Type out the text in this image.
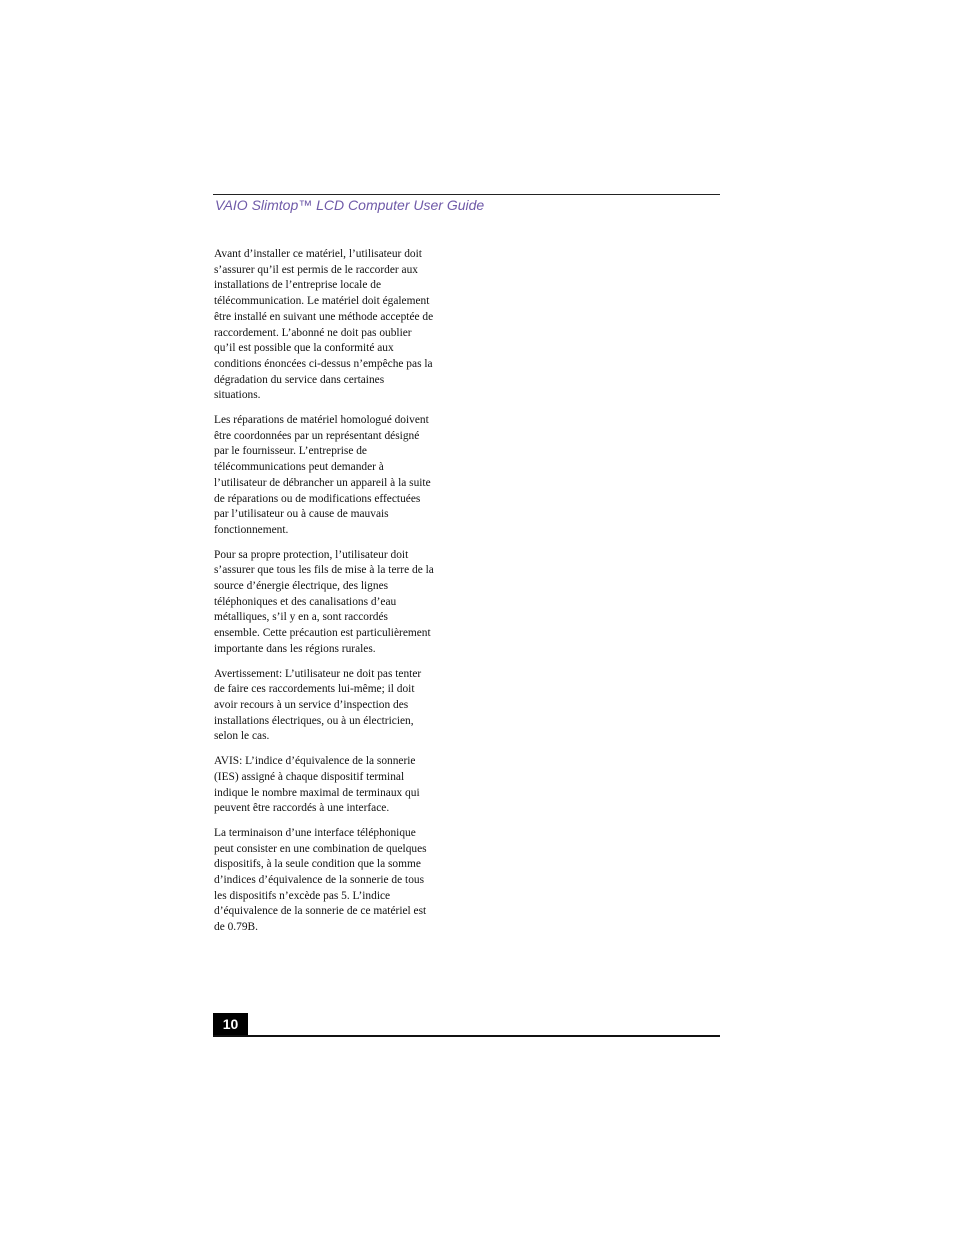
VAIO Slimtop™ LCD Computer User Guide

Avant d’installer ce matériel, l’utilisateur doit
s’assurer qu’il est permis de le raccorder aux
installations de l’entreprise locale de
télécommunication. Le matériel doit également
être installé en suivant une méthode acceptée de
raccordement. L’abonné ne doit pas oublier
qu’il est possible que la conformité aux
conditions énoncées ci-dessus n’empêche pas la
dégradation du service dans certaines
situations.

Les réparations de matériel homologué doivent
être coordonnées par un représentant désigné
par le fournisseur. L’entreprise de
télécommunications peut demander à
l’utilisateur de débrancher un appareil à la suite
de réparations ou de modifications effectuées
par l’utilisateur ou à cause de mauvais
fonctionnement.

Pour sa propre protection, l’utilisateur doit
s’assurer que tous les fils de mise à la terre de la
source d’énergie électrique, des lignes
téléphoniques et des canalisations d’eau
métalliques, s’il y en a, sont raccordés
ensemble. Cette précaution est particulièrement
importante dans les régions rurales.

Avertissement: L’utilisateur ne doit pas tenter
de faire ces raccordements lui-même; il doit
avoir recours à un service d’inspection des
installations électriques, ou à un électricien,
selon le cas.

AVIS: L’indice d’équivalence de la sonnerie
(IES) assigné à chaque dispositif terminal
indique le nombre maximal de terminaux qui
peuvent être raccordés à une interface.

La terminaison d’une interface téléphonique
peut consister en une combination de quelques
dispositifs, à la seule condition que la somme
d’indices d’équivalence de la sonnerie de tous
les dispositifs n’excède pas 5. L’indice
d’équivalence de la sonnerie de ce matériel est
de 0.79B.

10
